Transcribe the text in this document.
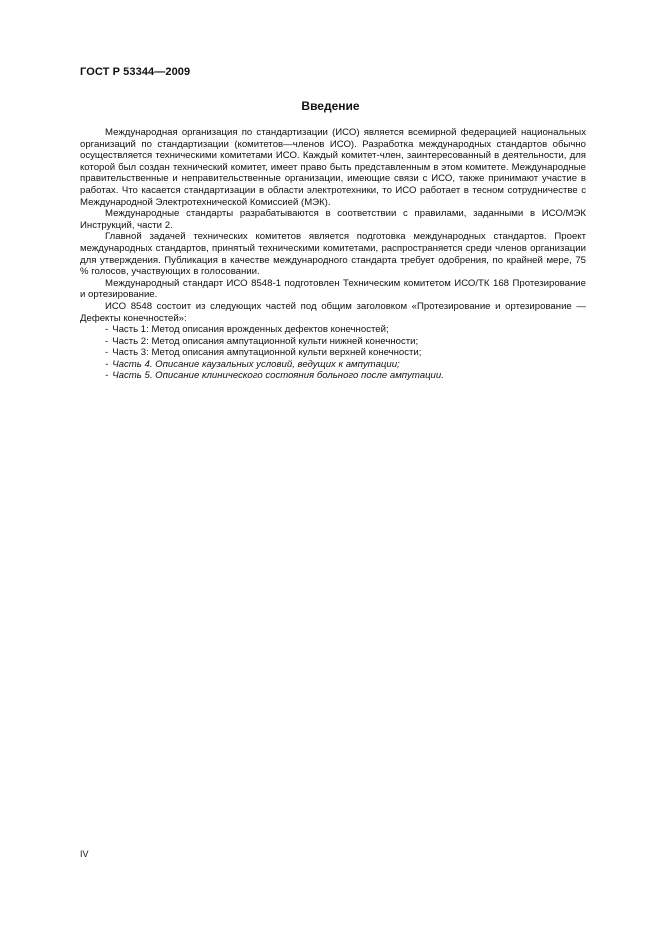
ГОСТ Р 53344—2009
Введение

Международная организация по стандартизации (ИСО) является всемирной федерацией национальных организаций по стандартизации (комитетов—членов ИСО). Разработка международных стандартов обычно осуществляется техническими комитетами ИСО. Каждый комитет-член, заинтересованный в деятельности, для которой был создан технический комитет, имеет право быть представленным в этом комитете. Международные правительственные и неправительственные организации, имеющие связи с ИСО, также принимают участие в работах. Что касается стандартизации в области электротехники, то ИСО работает в тесном сотрудничестве с Международной Электротехнической Комиссией (МЭК).

Международные стандарты разрабатываются в соответствии с правилами, заданными в ИСО/МЭК Инструкций, части 2.

Главной задачей технических комитетов является подготовка международных стандартов. Проект международных стандартов, принятый техническими комитетами, распространяется среди членов организации для утверждения. Публикация в качестве международного стандарта требует одобрения, по крайней мере, 75 % голосов, участвующих в голосовании.

Международный стандарт ИСО 8548-1 подготовлен Техническим комитетом ИСО/ТК 168 Протезирование и ортезирование.

ИСО 8548 состоит из следующих частей под общим заголовком «Протезирование и ортезирование — Дефекты конечностей»:

- Часть 1: Метод описания врожденных дефектов конечностей;
- Часть 2: Метод описания ампутационной культи нижней конечности;
- Часть 3: Метод описания ампутационной культи верхней конечности;
- Часть 4. Описание каузальных условий, ведущих к ампутации;
- Часть 5. Описание клинического состояния больного после ампутации.
IV
